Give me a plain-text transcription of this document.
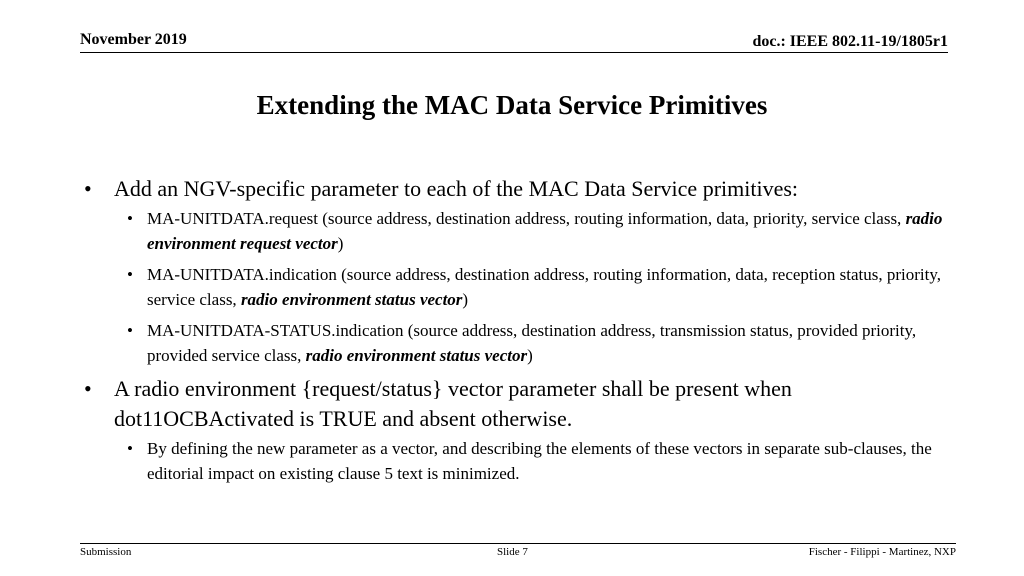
November 2019	doc.: IEEE 802.11-19/1805r1
Extending the MAC Data Service Primitives
• Add an NGV-specific parameter to each of the MAC Data Service primitives:
• MA-UNITDATA.request (source address, destination address, routing information, data, priority, service class, radio environment request vector)
• MA-UNITDATA.indication (source address, destination address, routing information, data, reception status, priority, service class, radio environment status vector)
• MA-UNITDATA-STATUS.indication (source address, destination address, transmission status, provided priority, provided service class, radio environment status vector)
• A radio environment {request/status} vector parameter shall be present when dot11OCBActivated is TRUE and absent otherwise.
• By defining the new parameter as a vector, and describing the elements of these vectors in separate sub-clauses, the editorial impact on existing clause 5 text is minimized.
Submission	Slide 7	Fischer - Filippi - Martinez, NXP
